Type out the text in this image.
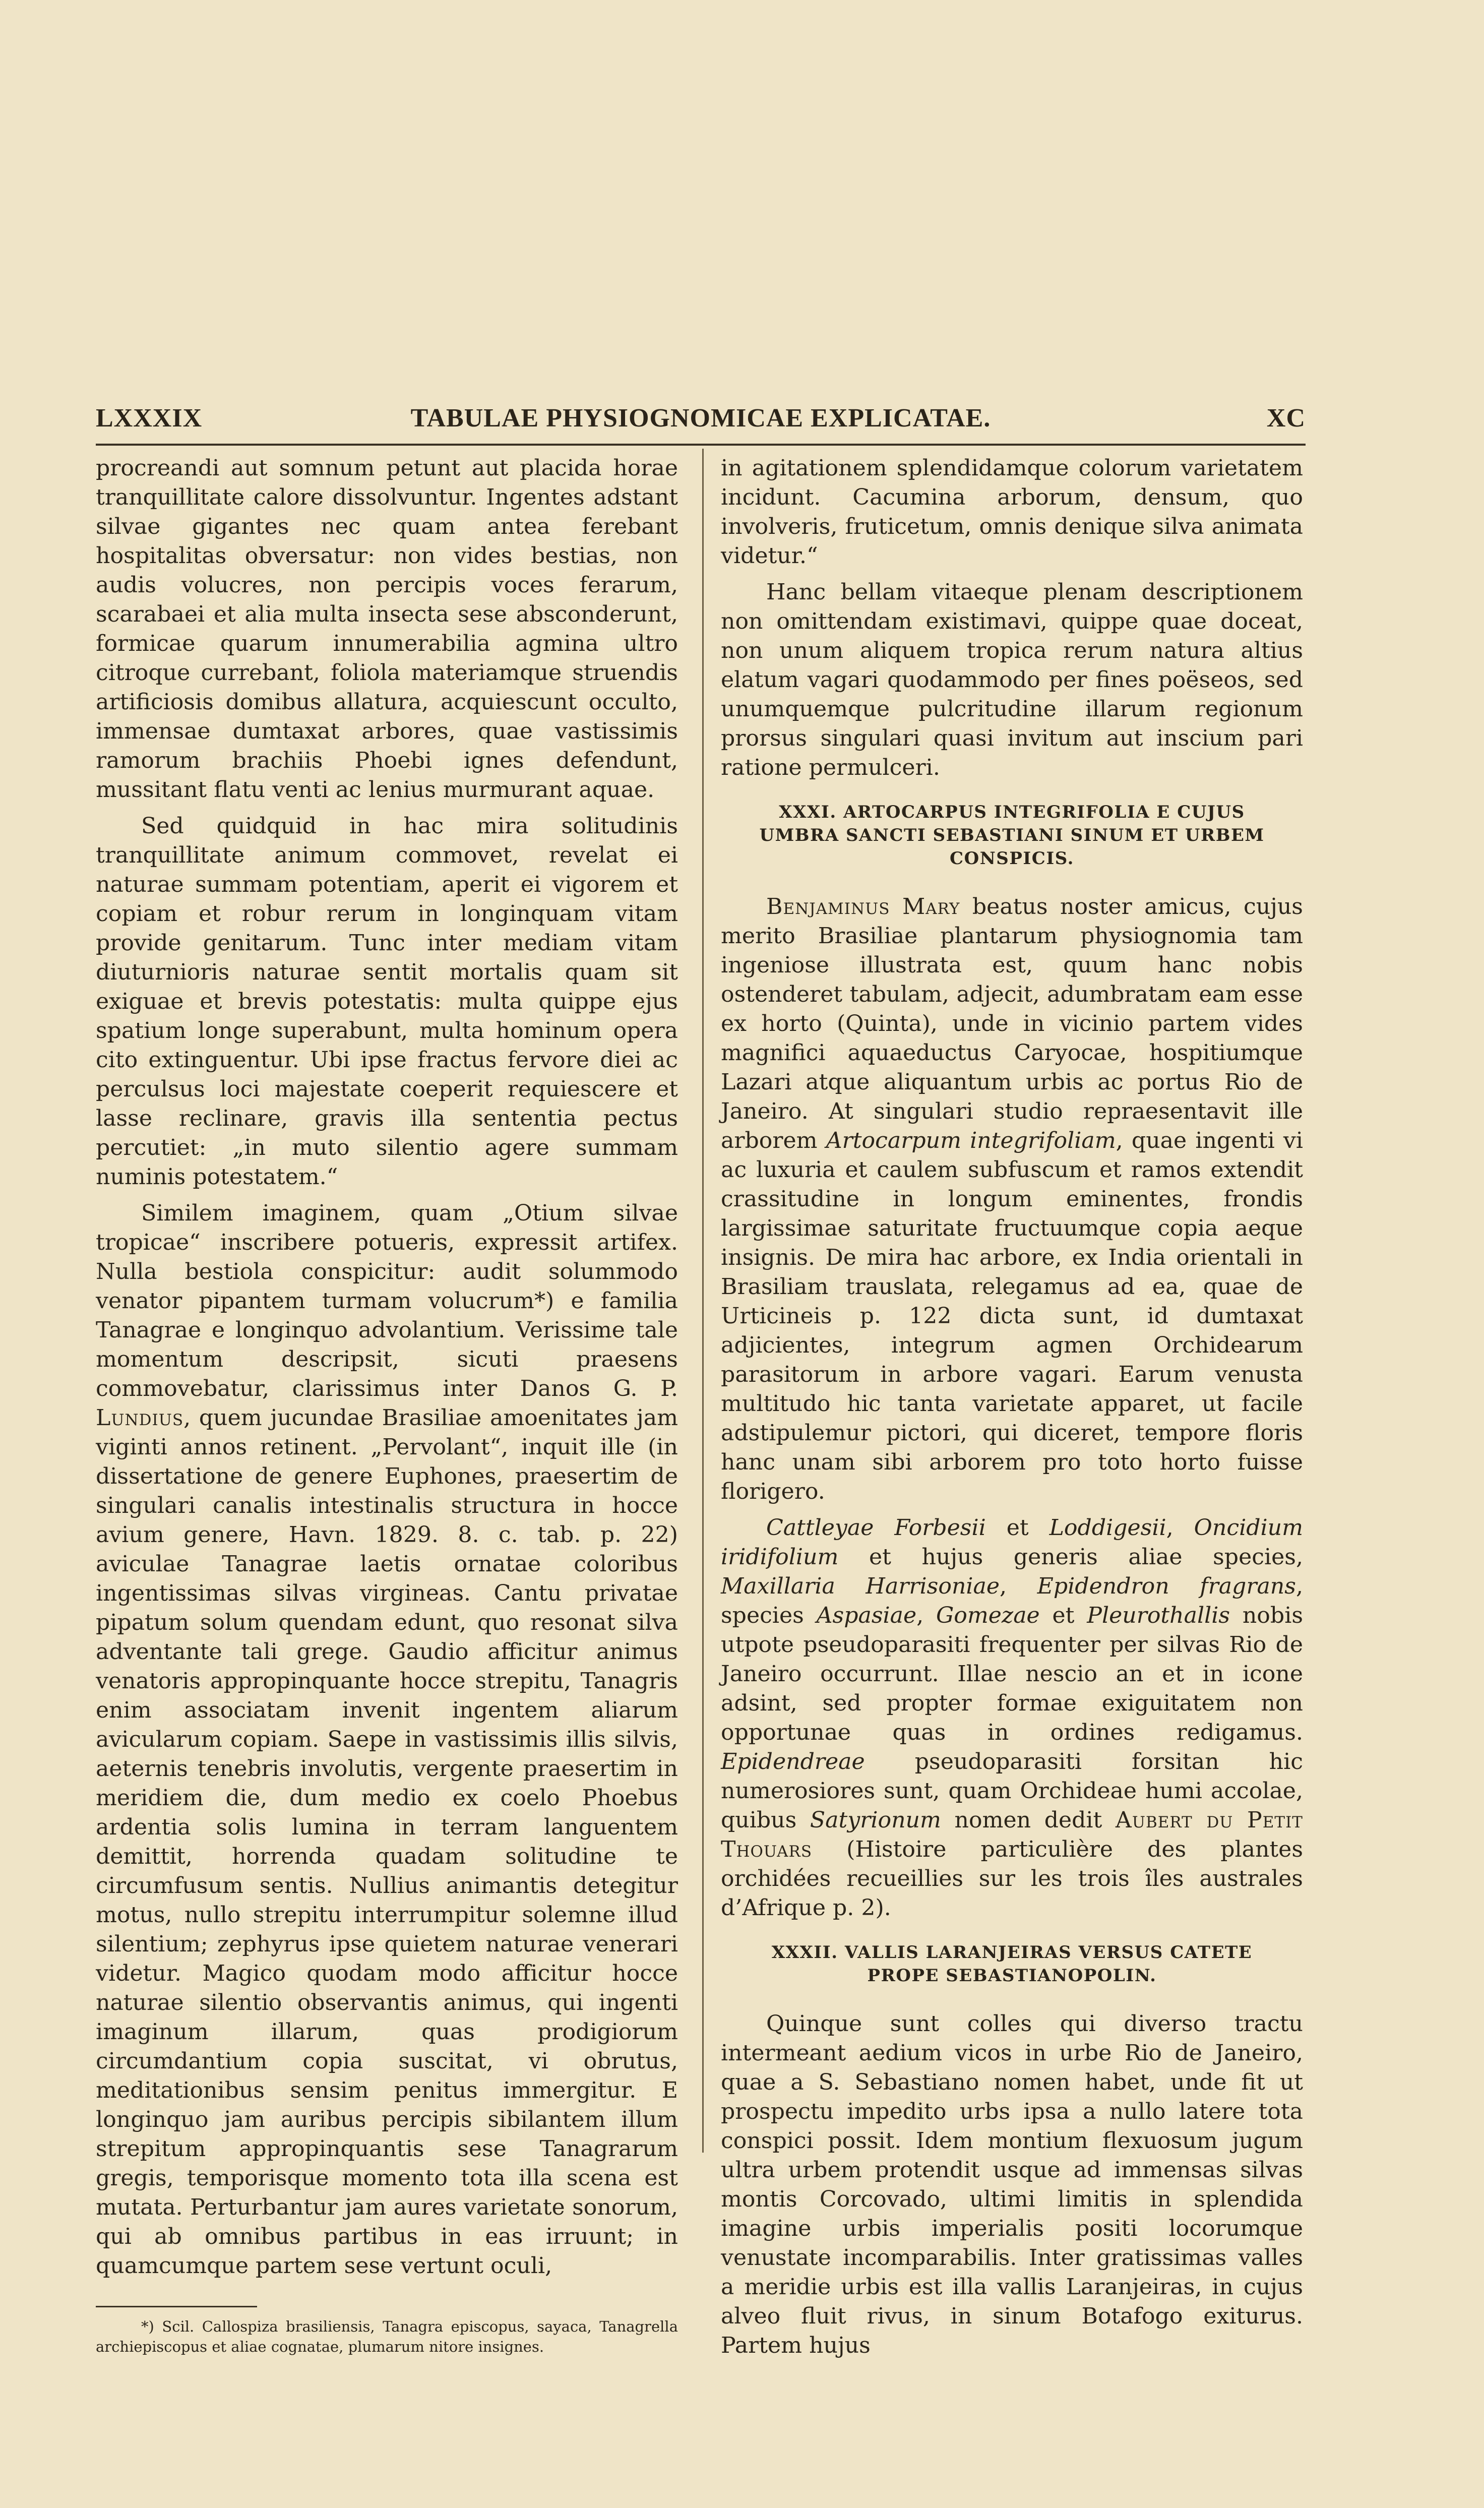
LXXXIX	TABULAE PHYSIOGNOMICAE EXPLICATAE.	XC

procreandi aut somnum petunt aut placida horae tranquillitate calore dissolvuntur. Ingentes adstant silvae gigantes nec quam antea ferebant hospitalitas obversatur: non vides bestias, non audis volucres, non percipis voces ferarum, scarabaei et alia multa insecta sese absconderunt, formicae quarum innumerabilia agmina ultro citroque currebant, foliola materiamque struendis artificiosis domibus allatura, acquiescunt occulto, immensae dumtaxat arbores, quae vastissimis ramorum brachiis Phoebi ignes defendunt, mussitant flatu venti ac lenius murmurant aquae.

Sed quidquid in hac mira solitudinis tranquillitate animum commovet, revelat ei naturae summam potentiam, aperit ei vigorem et copiam et robur rerum in longinquam vitam provide genitarum. Tunc inter mediam vitam diuturnioris naturae sentit mortalis quam sit exiguae et brevis potestatis: multa quippe ejus spatium longe superabunt, multa hominum opera cito extinguentur. Ubi ipse fractus fervore diei ac perculsus loci majestate coeperit requiescere et lasse reclinare, gravis illa sententia pectus percutiet: „in muto silentio agere summam numinis potestatem.“

Similem imaginem, quam „Otium silvae tropicae“ inscribere potueris, expressit artifex. Nulla bestiola conspicitur: audit solummodo venator pipantem turmam volucrum*) e familia Tanagrae e longinquo advolantium. Verissime tale momentum descripsit, sicuti praesens commovebatur, clarissimus inter Danos G. P. Lundius, quem jucundae Brasiliae amoenitates jam viginti annos retinent. „Pervolant“, inquit ille (in dissertatione de genere Euphones, praesertim de singulari canalis intestinalis structura in hocce avium genere, Havn. 1829. 8. c. tab. p. 22) aviculae Tanagrae laetis ornatae coloribus ingentissimas silvas virgineas. Cantu privatae pipatum solum quendam edunt, quo resonat silva adventante tali grege. Gaudio afficitur animus venatoris appropinquante hocce strepitu, Tanagris enim associatam invenit ingentem aliarum avicularum copiam. Saepe in vastissimis illis silvis, aeternis tenebris involutis, vergente praesertim in meridiem die, dum medio ex coelo Phoebus ardentia solis lumina in terram languentem demittit, horrenda quadam solitudine te circumfusum sentis. Nullius animantis detegitur motus, nullo strepitu interrumpitur solemne illud silentium; zephyrus ipse quietem naturae venerari videtur. Magico quodam modo afficitur hocce naturae silentio observantis animus, qui ingenti imaginum illarum, quas prodigiorum circumdantium copia suscitat, vi obrutus, meditationibus sensim penitus immergitur. E longinquo jam auribus percipis sibilantem illum strepitum appropinquantis sese Tanagrarum gregis, temporisque momento tota illa scena est mutata. Perturbantur jam aures varietate sonorum, qui ab omnibus partibus in eas irruunt; in quamcumque partem sese vertunt oculi,

*) Scil. Callospiza brasiliensis, Tanagra episcopus, sayaca, Tanagrella archiepiscopus et aliae cognatae, plumarum nitore insignes.

in agitationem splendidamque colorum varietatem incidunt. Cacumina arborum, densum, quo involveris, fruticetum, omnis denique silva animata videtur.“

Hanc bellam vitaeque plenam descriptionem non omittendam existimavi, quippe quae doceat, non unum aliquem tropica rerum natura altius elatum vagari quodammodo per fines poëseos, sed unumquemque pulcritudine illarum regionum prorsus singulari quasi invitum aut inscium pari ratione permulceri.

XXXI. ARTOCARPUS INTEGRIFOLIA E CUJUS UMBRA SANCTI SEBASTIANI SINUM ET URBEM CONSPICIS.

Benjaminus Mary beatus noster amicus, cujus merito Brasiliae plantarum physiognomia tam ingeniose illustrata est, quum hanc nobis ostenderet tabulam, adjecit, adumbratam eam esse ex horto (Quinta), unde in vicinio partem vides magnifici aquaeductus Caryocae, hospitiumque Lazari atque aliquantum urbis ac portus Rio de Janeiro. At singulari studio repraesentavit ille arborem Artocarpum integrifoliam, quae ingenti vi ac luxuria et caulem subfuscum et ramos extendit crassitudine in longum eminentes, frondis largissimae saturitate fructuumque copia aeque insignis. De mira hac arbore, ex India orientali in Brasiliam trauslata, relegamus ad ea, quae de Urticineis p. 122 dicta sunt, id dumtaxat adjicientes, integrum agmen Orchidearum parasitorum in arbore vagari. Earum venusta multitudo hic tanta varietate apparet, ut facile adstipulemur pictori, qui diceret, tempore floris hanc unam sibi arborem pro toto horto fuisse florigero.

Cattleyae Forbesii et Loddigesii, Oncidium iridifolium et hujus generis aliae species, Maxillaria Harrisoniae, Epidendron fragrans, species Aspasiae, Gomezae et Pleurothallis nobis utpote pseudoparasiti frequenter per silvas Rio de Janeiro occurrunt. Illae nescio an et in icone adsint, sed propter formae exiguitatem non opportunae quas in ordines redigamus. Epidendreae pseudoparasiti forsitan hic numerosiores sunt, quam Orchideae humi accolae, quibus Satyrionum nomen dedit Aubert du Petit Thouars (Histoire particulière des plantes orchidées recueillies sur les trois îles australes d’Afrique p. 2).

XXXII. VALLIS LARANJEIRAS VERSUS CATETE PROPE SEBASTIANOPOLIN.

Quinque sunt colles qui diverso tractu intermeant aedium vicos in urbe Rio de Janeiro, quae a S. Sebastiano nomen habet, unde fit ut prospectu impedito urbs ipsa a nullo latere tota conspici possit. Idem montium flexuosum jugum ultra urbem protendit usque ad immensas silvas montis Corcovado, ultimi limitis in splendida imagine urbis imperialis positi locorumque venustate incomparabilis. Inter gratissimas valles a meridie urbis est illa vallis Laranjeiras, in cujus alveo fluit rivus, in sinum Botafogo exiturus. Partem hujus
